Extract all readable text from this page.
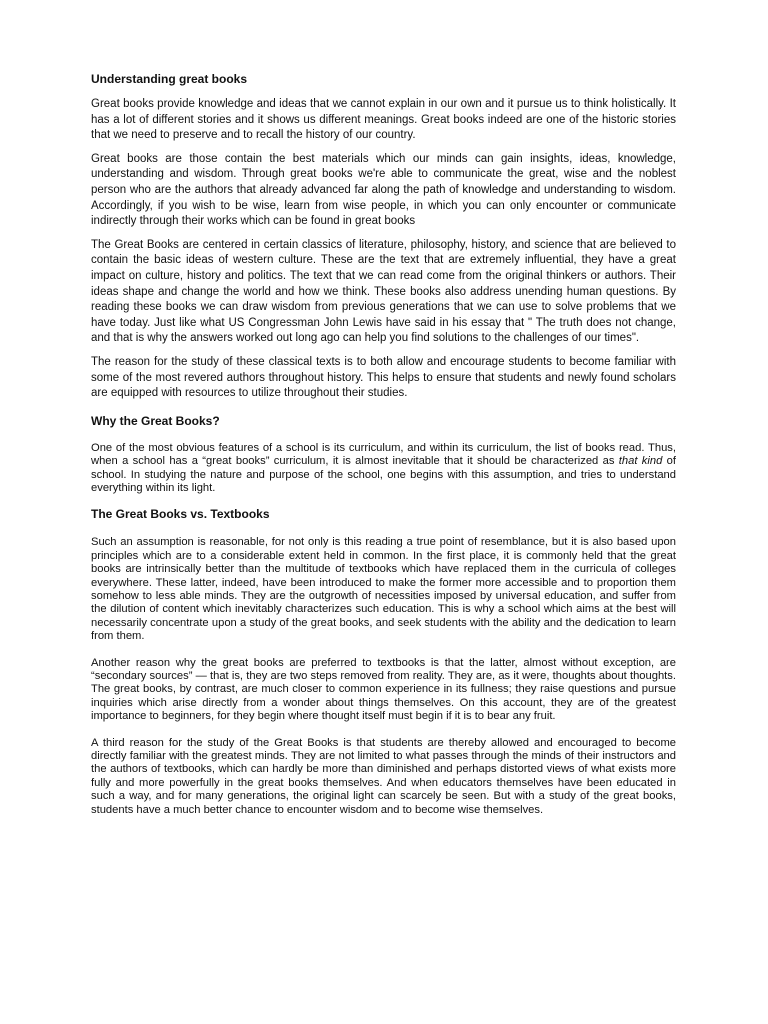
Understanding great books

Great books provide knowledge and ideas that we cannot explain in our own and it pursue us to think holistically. It has a lot of different stories and it shows us different meanings. Great books indeed are one of the historic stories that we need to preserve and to recall the history of our country.

Great books are those contain the best materials which our minds can gain insights, ideas, knowledge, understanding and wisdom. Through great books we're able to communicate the great, wise and the noblest person who are the authors that already advanced far along the path of knowledge and understanding to wisdom. Accordingly, if you wish to be wise, learn from wise people, in which you can only encounter or communicate indirectly through their works which can be found in great books

The Great Books are centered in certain classics of literature, philosophy, history, and science that are believed to contain the basic ideas of western culture. These are the text that are extremely influential, they have a great impact on culture, history and politics. The text that we can read come from the original thinkers or authors. Their ideas shape and change the world and how we think. These books also address unending human questions. By reading these books we can draw wisdom from previous generations that we can use to solve problems that we have today. Just like what US Congressman John Lewis have said in his essay that " The truth does not change, and that is why the answers worked out long ago can help you find solutions to the challenges of our times".

The reason for the study of these classical texts is to both allow and encourage students to become familiar with some of the most revered authors throughout history. This helps to ensure that students and newly found scholars are equipped with resources to utilize throughout their studies.

Why the Great Books?

One of the most obvious features of a school is its curriculum, and within its curriculum, the list of books read. Thus, when a school has a “great books” curriculum, it is almost inevitable that it should be characterized as that kind of school. In studying the nature and purpose of the school, one begins with this assumption, and tries to understand everything within its light.

The Great Books vs. Textbooks

Such an assumption is reasonable, for not only is this reading a true point of resemblance, but it is also based upon principles which are to a considerable extent held in common. In the first place, it is commonly held that the great books are intrinsically better than the multitude of textbooks which have replaced them in the curricula of colleges everywhere. These latter, indeed, have been introduced to make the former more accessible and to proportion them somehow to less able minds. They are the outgrowth of necessities imposed by universal education, and suffer from the dilution of content which inevitably characterizes such education. This is why a school which aims at the best will necessarily concentrate upon a study of the great books, and seek students with the ability and the dedication to learn from them.

Another reason why the great books are preferred to textbooks is that the latter, almost without exception, are “secondary sources” — that is, they are two steps removed from reality. They are, as it were, thoughts about thoughts. The great books, by contrast, are much closer to common experience in its fullness; they raise questions and pursue inquiries which arise directly from a wonder about things themselves. On this account, they are of the greatest importance to beginners, for they begin where thought itself must begin if it is to bear any fruit.

A third reason for the study of the Great Books is that students are thereby allowed and encouraged to become directly familiar with the greatest minds. They are not limited to what passes through the minds of their instructors and the authors of textbooks, which can hardly be more than diminished and perhaps distorted views of what exists more fully and more powerfully in the great books themselves. And when educators themselves have been educated in such a way, and for many generations, the original light can scarcely be seen. But with a study of the great books, students have a much better chance to encounter wisdom and to become wise themselves.
